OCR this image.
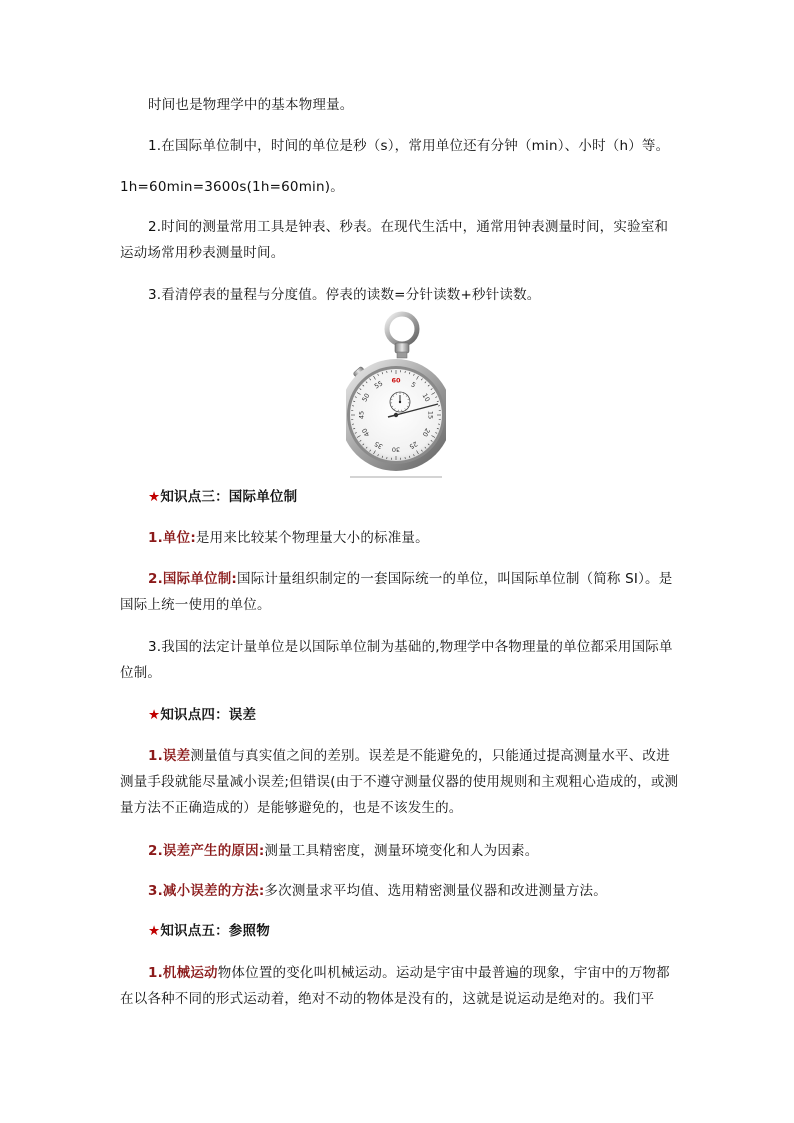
时间也是物理学中的基本物理量。

1.在国际单位制中，时间的单位是秒（s），常用单位还有分钟（min）、小时（h）等。

1h=60min=3600s(1h=60min)。

2.时间的测量常用工具是钟表、秒表。在现代生活中，通常用钟表测量时间，实验室和运动场常用秒表测量时间。

3.看清停表的量程与分度值。停表的读数=分针读数+秒针读数。

60
5
10
15
20
25
30
35
40
45
50
55

★知识点三：国际单位制

1.单位:是用来比较某个物理量大小的标准量。

2.国际单位制:国际计量组织制定的一套国际统一的单位，叫国际单位制（简称 SI）。是国际上统一使用的单位。

3.我国的法定计量单位是以国际单位制为基础的,物理学中各物理量的单位都采用国际单位制。

★知识点四：误差

1.误差测量值与真实值之间的差别。误差是不能避免的，只能通过提高测量水平、改进测量手段就能尽量减小误差;但错误(由于不遵守测量仪器的使用规则和主观粗心造成的，或测量方法不正确造成的）是能够避免的，也是不该发生的。

2.误差产生的原因:测量工具精密度，测量环境变化和人为因素。

3.减小误差的方法:多次测量求平均值、选用精密测量仪器和改进测量方法。

★知识点五：参照物

1.机械运动物体位置的变化叫机械运动。运动是宇宙中最普遍的现象，宇宙中的万物都在以各种不同的形式运动着，绝对不动的物体是没有的，这就是说运动是绝对的。我们平
